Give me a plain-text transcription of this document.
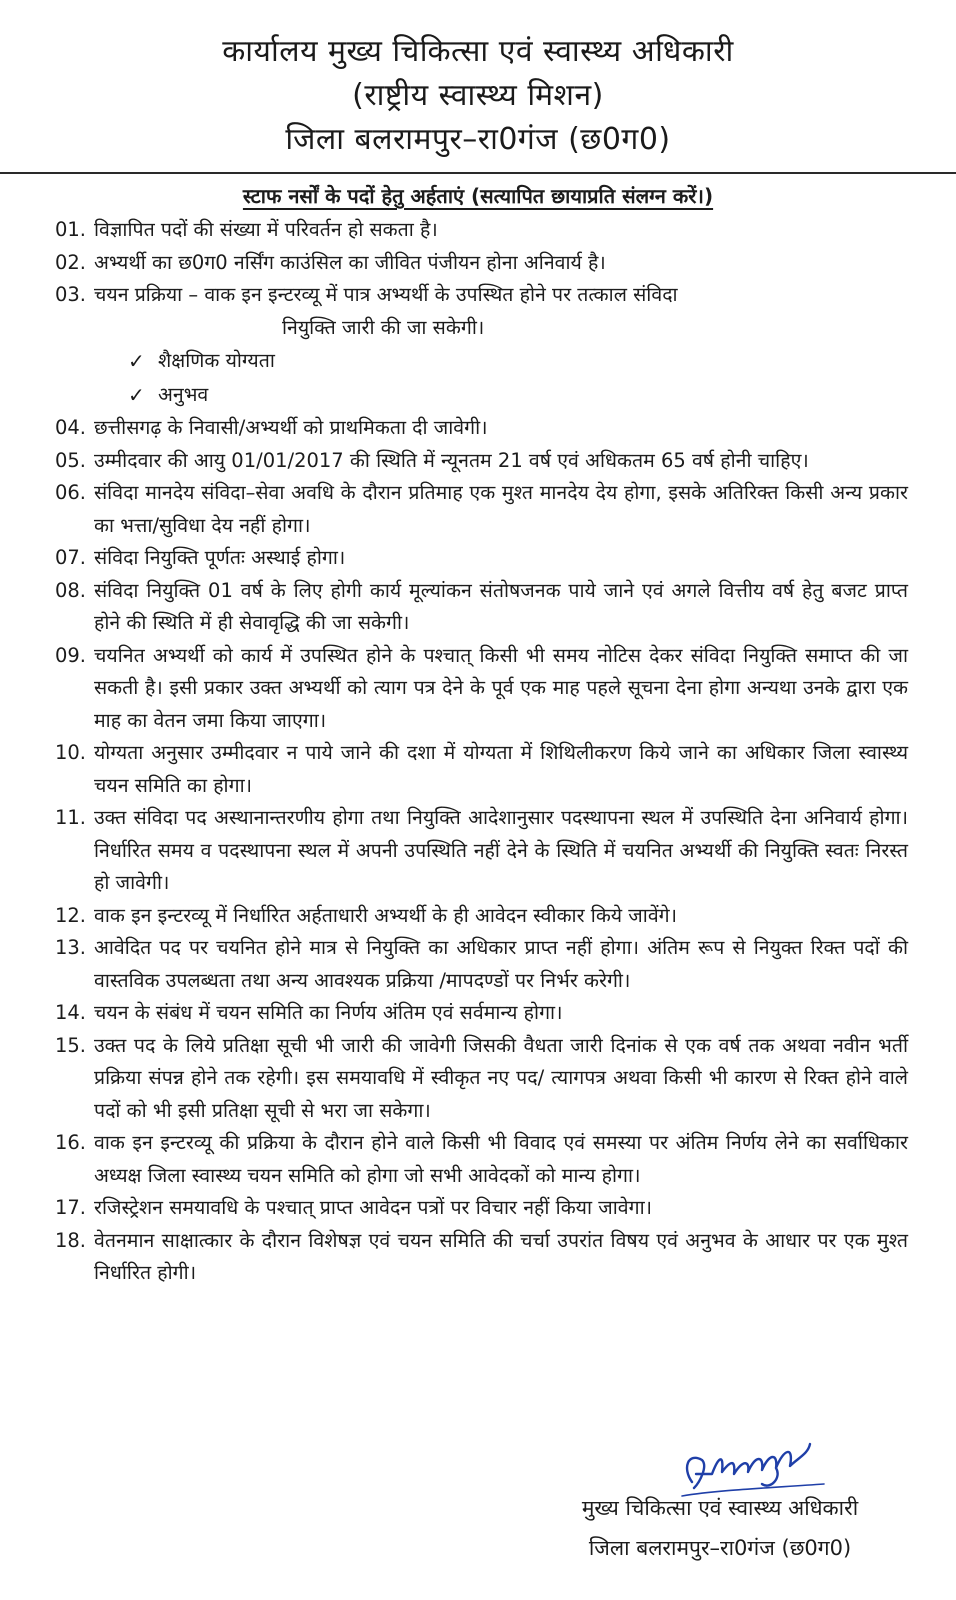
कार्यालय मुख्य चिकित्सा एवं स्वास्थ्य अधिकारी
(राष्ट्रीय स्वास्थ्य मिशन)
जिला बलरामपुर–रा0गंज (छ0ग0)
स्टाफ नर्सों के पदों हेतु अर्हताएं (सत्यापित छायाप्रति संलग्न करें।)
01. विज्ञापित पदों की संख्या में परिवर्तन हो सकता है।
02. अभ्यर्थी का छ0ग0 नर्सिंग काउंसिल का जीवित पंजीयन होना अनिवार्य है।
03. चयन प्रक्रिया – वाक इन इन्टरव्यू में पात्र अभ्यर्थी के उपस्थित होने पर तत्काल संविदा
नियुक्ति जारी की जा सकेगी।
✓ शैक्षणिक योग्यता
✓ अनुभव
04. छत्तीसगढ़ के निवासी/अभ्यर्थी को प्राथमिकता दी जावेगी।
05. उम्मीदवार की आयु 01/01/2017 की स्थिति में न्यूनतम 21 वर्ष एवं अधिकतम 65 वर्ष होनी चाहिए।
06. संविदा मानदेय संविदा–सेवा अवधि के दौरान प्रतिमाह एक मुश्त मानदेय देय होगा, इसके अतिरिक्त किसी अन्य प्रकार का भत्ता/सुविधा देय नहीं होगा।
07. संविदा नियुक्ति पूर्णतः अस्थाई होगा।
08. संविदा नियुक्ति 01 वर्ष के लिए होगी कार्य मूल्यांकन संतोषजनक पाये जाने एवं अगले वित्तीय वर्ष हेतु बजट प्राप्त होने की स्थिति में ही सेवावृद्धि की जा सकेगी।
09. चयनित अभ्यर्थी को कार्य में उपस्थित होने के पश्चात् किसी भी समय नोटिस देकर संविदा नियुक्ति समाप्त की जा सकती है। इसी प्रकार उक्त अभ्यर्थी को त्याग पत्र देने के पूर्व एक माह पहले सूचना देना होगा अन्यथा उनके द्वारा एक माह का वेतन जमा किया जाएगा।
10. योग्यता अनुसार उम्मीदवार न पाये जाने की दशा में योग्यता में शिथिलीकरण किये जाने का अधिकार जिला स्वास्थ्य चयन समिति का होगा।
11. उक्त संविदा पद अस्थानान्तरणीय होगा तथा नियुक्ति आदेशानुसार पदस्थापना स्थल में उपस्थिति देना अनिवार्य होगा। निर्धारित समय व पदस्थापना स्थल में अपनी उपस्थिति नहीं देने के स्थिति में चयनित अभ्यर्थी की नियुक्ति स्वतः निरस्त हो जावेगी।
12. वाक इन इन्टरव्यू में निर्धारित अर्हताधारी अभ्यर्थी के ही आवेदन स्वीकार किये जावेंगे।
13. आवेदित पद पर चयनित होने मात्र से नियुक्ति का अधिकार प्राप्त नहीं होगा। अंतिम रूप से नियुक्त रिक्त पदों की वास्तविक उपलब्धता तथा अन्य आवश्यक प्रक्रिया /मापदण्डों पर निर्भर करेगी।
14. चयन के संबंध में चयन समिति का निर्णय अंतिम एवं सर्वमान्य होगा।
15. उक्त पद के लिये प्रतिक्षा सूची भी जारी की जावेगी जिसकी वैधता जारी दिनांक से एक वर्ष तक अथवा नवीन भर्ती प्रक्रिया संपन्न होने तक रहेगी। इस समयावधि में स्वीकृत नए पद/ त्यागपत्र अथवा किसी भी कारण से रिक्त होने वाले पदों को भी इसी प्रतिक्षा सूची से भरा जा सकेगा।
16. वाक इन इन्टरव्यू की प्रक्रिया के दौरान होने वाले किसी भी विवाद एवं समस्या पर अंतिम निर्णय लेने का सर्वाधिकार अध्यक्ष जिला स्वास्थ्य चयन समिति को होगा जो सभी आवेदकों को मान्य होगा।
17. रजिस्ट्रेशन समयावधि के पश्चात् प्राप्त आवेदन पत्रों पर विचार नहीं किया जावेगा।
18. वेतनमान साक्षात्कार के दौरान विशेषज्ञ एवं चयन समिति की चर्चा उपरांत विषय एवं अनुभव के आधार पर एक मुश्त निर्धारित होगी।
मुख्य चिकित्सा एवं स्वास्थ्य अधिकारी
जिला बलरामपुर–रा0गंज (छ0ग0)
